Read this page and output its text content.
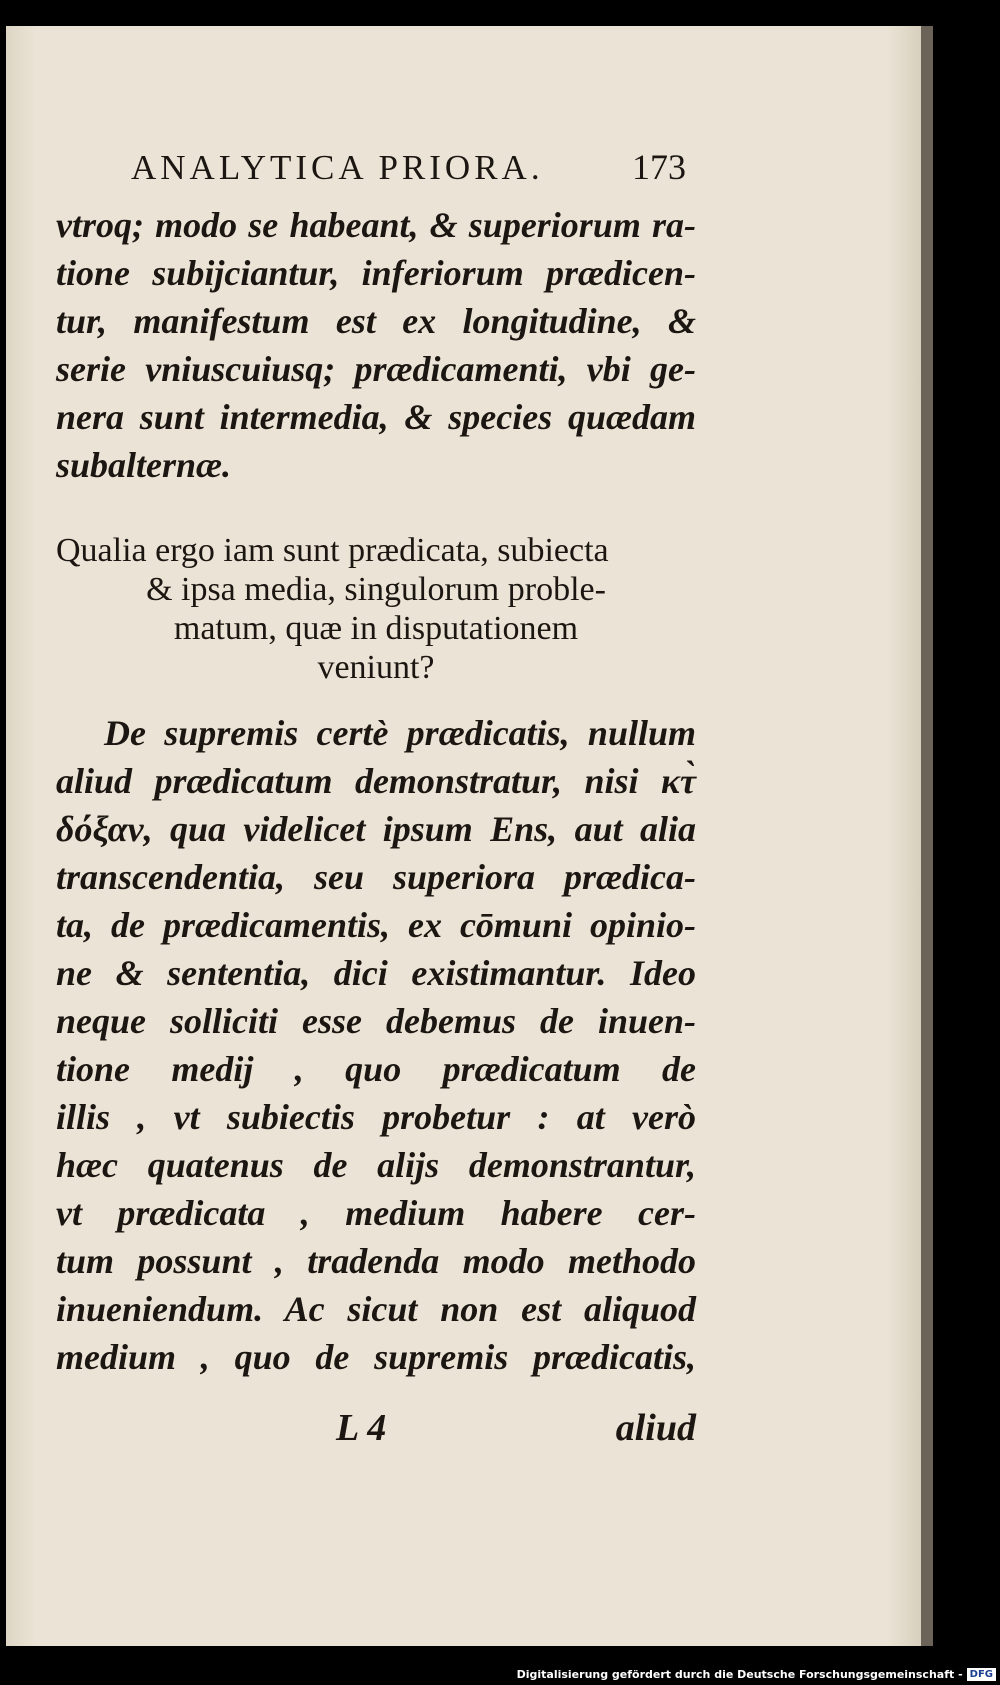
ANALYTICA PRIORA. 173
vtroq; modo se habeant, & superiorum ra-
tione subijciantur, inferiorum prædicen-
tur, manifestum est ex longitudine, &
serie vniuscuiusq; prædicamenti, vbi ge-
nera sunt intermedia, & species quædam
subalternæ.
Qualia ergo iam sunt prædicata, subiecta
& ipsa media, singulorum proble-
matum, quæ in disputationem
veniunt?
De supremis certè prædicatis, nullum
aliud prædicatum demonstratur, nisi κτ̀
δόξαν, qua videlicet ipsum Ens, aut alia
transcendentia, seu superiora prædica-
ta, de prædicamentis, ex cōmuni opinio-
ne & sententia, dici existimantur. Ideo
neque solliciti esse debemus de inuen-
tione medij , quo prædicatum de
illis , vt subiectis probetur : at verò
hæc quatenus de alijs demonstrantur,
vt prædicata , medium habere cer-
tum possunt , tradenda modo methodo
inueniendum. Ac sicut non est aliquod
medium , quo de supremis prædicatis,
L 4	aliud
Digitalisierung gefördert durch die Deutsche Forschungsgemeinschaft - DFG
